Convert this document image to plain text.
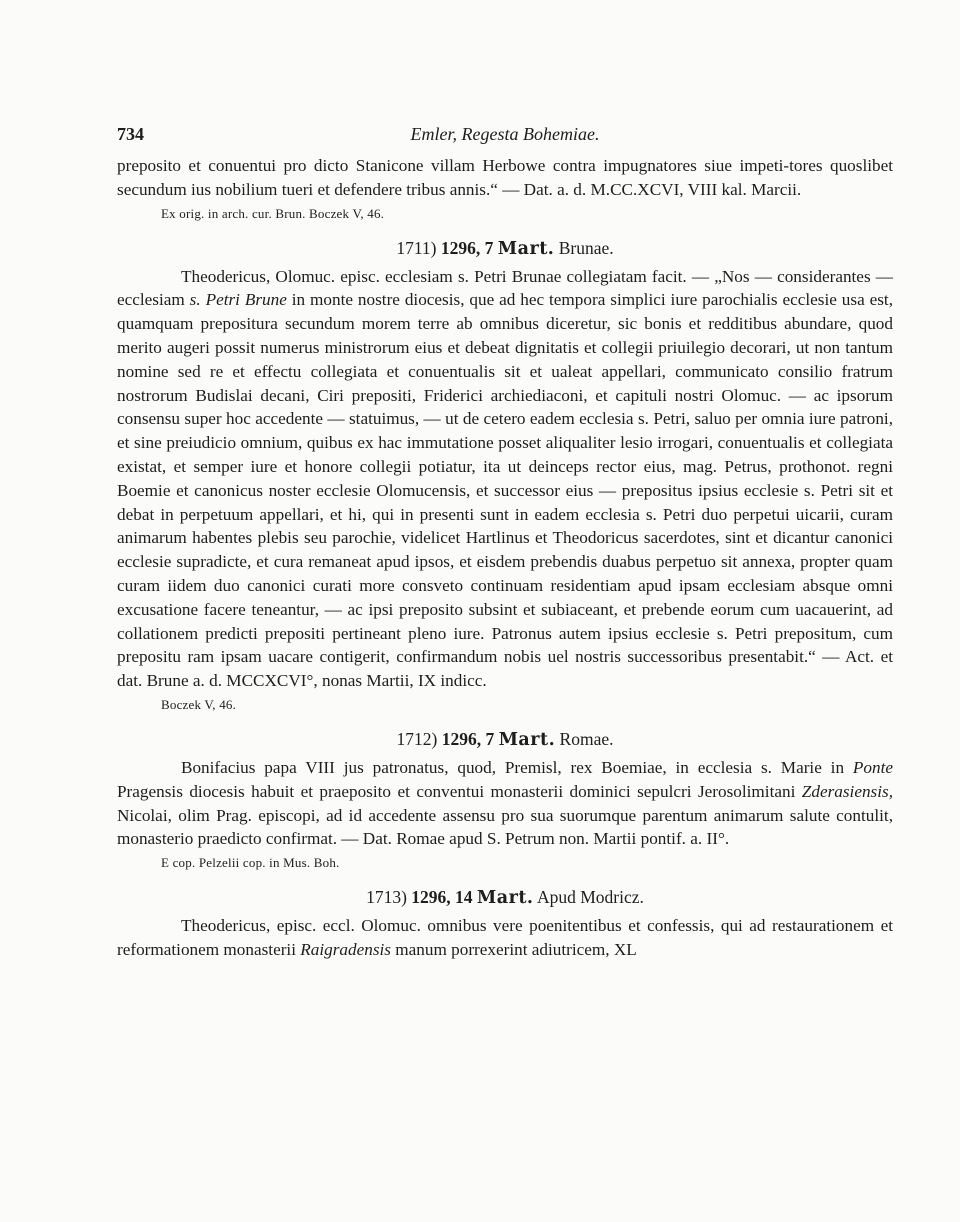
734	Emler, Regesta Bohemiae.

preposito et conuentui pro dicto Stanicone villam Herbowe contra impugnatores siue impeti-tores quoslibet secundum ius nobilium tueri et defendere tribus annis.“ — Dat. a. d. M.CC.XCVI, VIII kal. Marcii.

Ex orig. in arch. cur. Brun. Boczek V, 46.
1711) 1296, 7 Mart. Brunae.

Theodericus, Olomuc. episc. ecclesiam s. Petri Brunae collegiatam facit. — „Nos — considerantes — ecclesiam s. Petri Brune in monte nostre diocesis, que ad hec tempora simplici iure parochialis ecclesie usa est, quamquam prepositura secundum morem terre ab omnibus diceretur, sic bonis et redditibus abundare, quod merito augeri possit numerus ministrorum eius et debeat dignitatis et collegii priuilegio decorari, ut non tantum nomine sed re et effectu collegiata et conuentualis sit et ualeat appellari, communicato consilio fratrum nostrorum Budislai decani, Ciri prepositi, Friderici archiediaconi, et capituli nostri Olomuc. — ac ipsorum consensu super hoc accedente — statuimus, — ut de cetero eadem ecclesia s. Petri, saluo per omnia iure patroni, et sine preiudicio omnium, quibus ex hac immutatione posset aliqualiter lesio irrogari, conuentualis et collegiata existat, et semper iure et honore collegii potiatur, ita ut deinceps rector eius, mag. Petrus, prothonot. regni Boemie et canonicus noster ecclesie Olomucensis, et successor eius — prepositus ipsius ecclesie s. Petri sit et debat in perpetuum appellari, et hi, qui in presenti sunt in eadem ecclesia s. Petri duo perpetui uicarii, curam animarum habentes plebis seu parochie, videlicet Hartlinus et Theodoricus sacerdotes, sint et dicantur canonici ecclesie supradicte, et cura remaneat apud ipsos, et eisdem prebendis duabus perpetuo sit annexa, propter quam curam iidem duo canonici curati more consveto continuam residentiam apud ipsam ecclesiam absque omni excusatione facere teneantur, — ac ipsi preposito subsint et subiaceant, et prebende eorum cum uacauerint, ad collationem predicti prepositi pertineant pleno iure. Patronus autem ipsius ecclesie s. Petri prepositum, cum prepositu ram ipsam uacare contigerit, confirmandum nobis uel nostris successoribus presentabit.“ — Act. et dat. Brune a. d. MCCXCVI°, nonas Martii, IX indicc.

Boczek V, 46.
1712) 1296, 7 Mart. Romae.

Bonifacius papa VIII jus patronatus, quod, Premisl, rex Boemiae, in ecclesia s. Marie in Ponte Pragensis diocesis habuit et praeposito et conventui monasterii dominici sepulcri Jerosolimitani Zderasiensis, Nicolai, olim Prag. episcopi, ad id accedente assensu pro sua suorumque parentum animarum salute contulit, monasterio praedicto confirmat. — Dat. Romae apud S. Petrum non. Martii pontif. a. II°.

E cop. Pelzelii cop. in Mus. Boh.
1713) 1296, 14 Mart. Apud Modricz.

Theodericus, episc. eccl. Olomuc. omnibus vere poenitentibus et confessis, qui ad restaurationem et reformationem monasterii Raigradensis manum porrexerint adiutricem, XL
